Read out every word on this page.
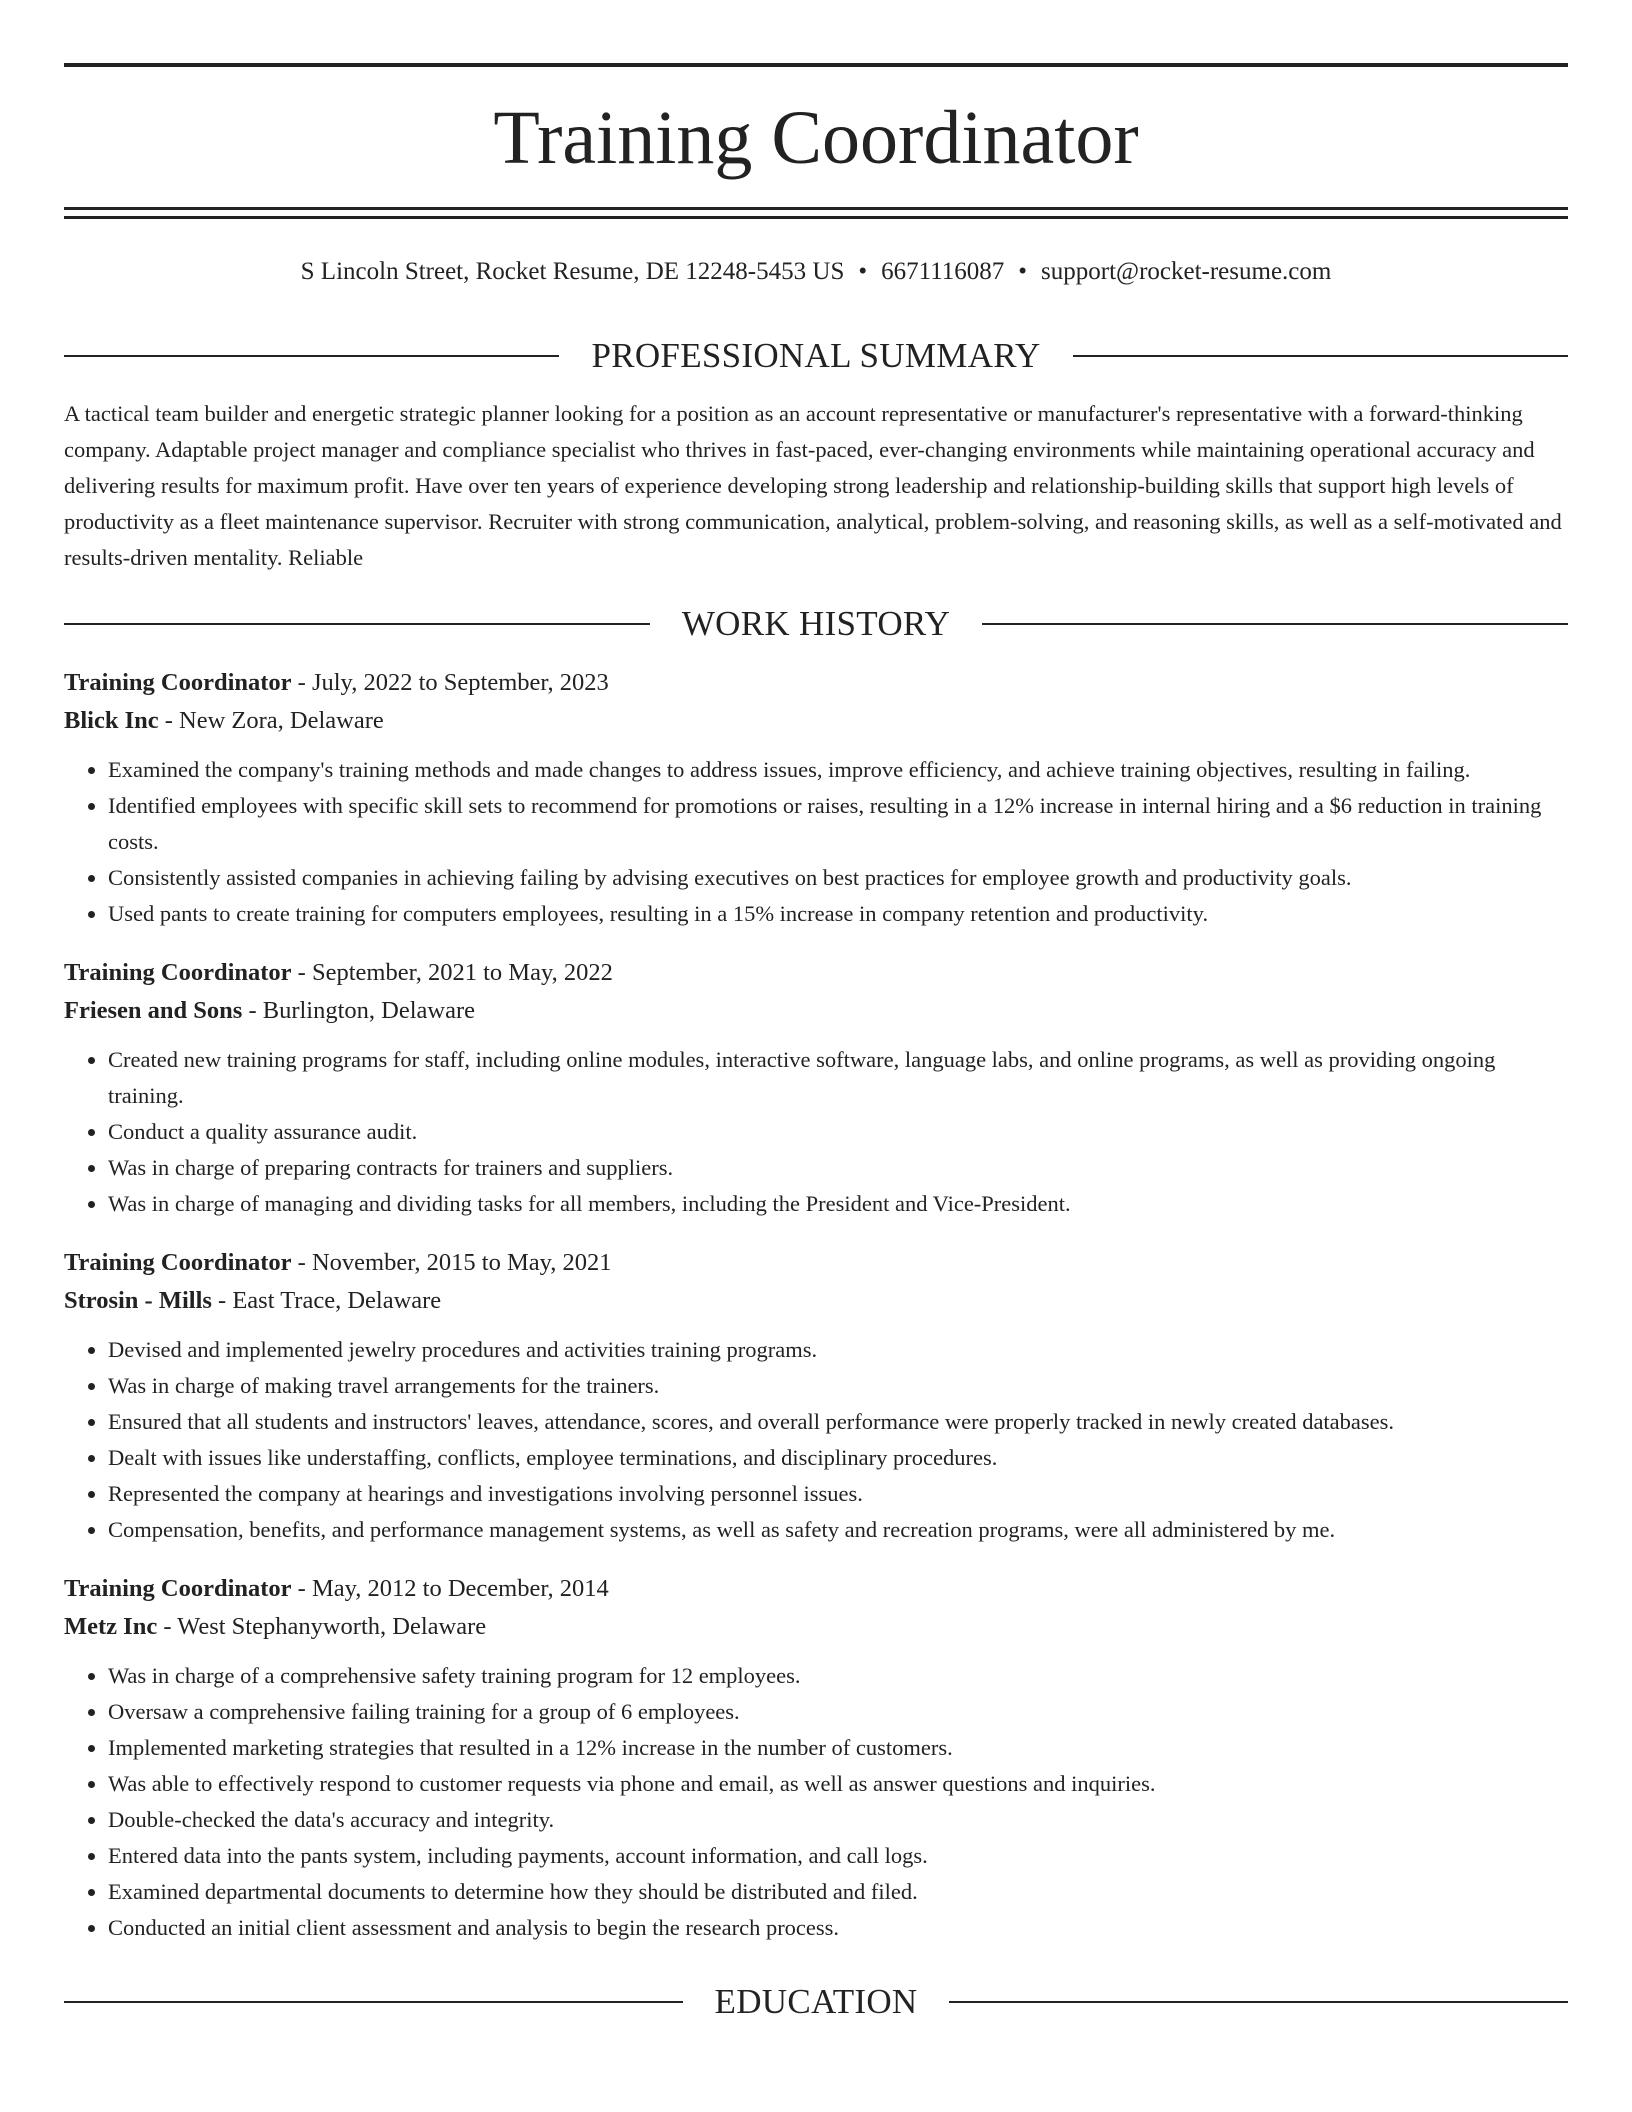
Training Coordinator
S Lincoln Street, Rocket Resume, DE 12248-5453 US • 6671116087 • support@rocket-resume.com
PROFESSIONAL SUMMARY

A tactical team builder and energetic strategic planner looking for a position as an account representative or manufacturer's representative with a forward-thinking company. Adaptable project manager and compliance specialist who thrives in fast-paced, ever-changing environments while maintaining operational accuracy and delivering results for maximum profit. Have over ten years of experience developing strong leadership and relationship-building skills that support high levels of productivity as a fleet maintenance supervisor. Recruiter with strong communication, analytical, problem-solving, and reasoning skills, as well as a self-motivated and results-driven mentality. Reliable

WORK HISTORY
Training Coordinator - July, 2022 to September, 2023
Blick Inc - New Zora, Delaware
• Examined the company's training methods and made changes to address issues, improve efficiency, and achieve training objectives, resulting in failing.
• Identified employees with specific skill sets to recommend for promotions or raises, resulting in a 12% increase in internal hiring and a $6 reduction in training costs.
• Consistently assisted companies in achieving failing by advising executives on best practices for employee growth and productivity goals.
• Used pants to create training for computers employees, resulting in a 15% increase in company retention and productivity.
Training Coordinator - September, 2021 to May, 2022
Friesen and Sons - Burlington, Delaware
• Created new training programs for staff, including online modules, interactive software, language labs, and online programs, as well as providing ongoing training.
• Conduct a quality assurance audit.
• Was in charge of preparing contracts for trainers and suppliers.
• Was in charge of managing and dividing tasks for all members, including the President and Vice-President.
Training Coordinator - November, 2015 to May, 2021
Strosin - Mills - East Trace, Delaware
• Devised and implemented jewelry procedures and activities training programs.
• Was in charge of making travel arrangements for the trainers.
• Ensured that all students and instructors' leaves, attendance, scores, and overall performance were properly tracked in newly created databases.
• Dealt with issues like understaffing, conflicts, employee terminations, and disciplinary procedures.
• Represented the company at hearings and investigations involving personnel issues.
• Compensation, benefits, and performance management systems, as well as safety and recreation programs, were all administered by me.
Training Coordinator - May, 2012 to December, 2014
Metz Inc - West Stephanyworth, Delaware
• Was in charge of a comprehensive safety training program for 12 employees.
• Oversaw a comprehensive failing training for a group of 6 employees.
• Implemented marketing strategies that resulted in a 12% increase in the number of customers.
• Was able to effectively respond to customer requests via phone and email, as well as answer questions and inquiries.
• Double-checked the data's accuracy and integrity.
• Entered data into the pants system, including payments, account information, and call logs.
• Examined departmental documents to determine how they should be distributed and filed.
• Conducted an initial client assessment and analysis to begin the research process.
EDUCATION
